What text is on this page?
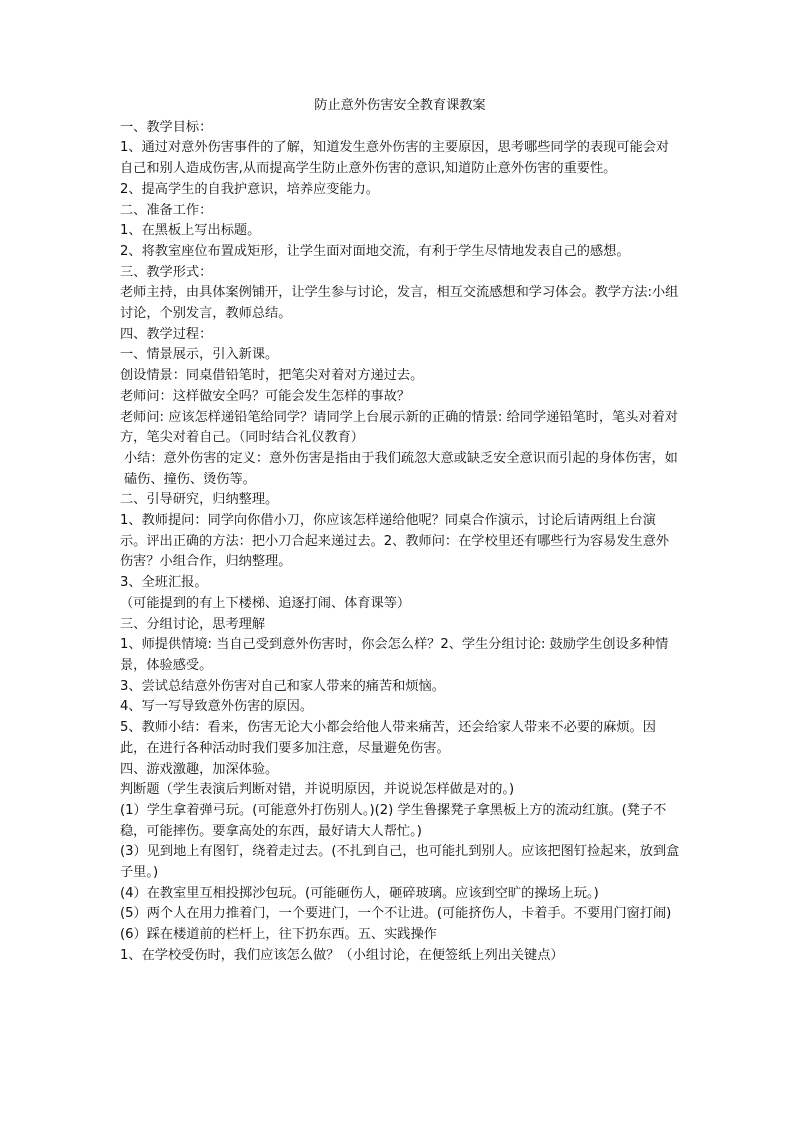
防止意外伤害安全教育课教案

一、教学目标：

1、通过对意外伤害事件的了解，知道发生意外伤害的主要原因，思考哪些同学的表现可能会对自己和别人造成伤害,从而提高学生防止意外伤害的意识,知道防止意外伤害的重要性。

2、提高学生的自我护意识，培养应变能力。

二、准备工作：

1、在黑板上写出标题。

2、将教室座位布置成矩形，让学生面对面地交流，有利于学生尽情地发表自己的感想。

三、教学形式：

老师主持，由具体案例铺开，让学生参与讨论，发言，相互交流感想和学习体会。教学方法:小组讨论，个别发言，教师总结。

四、教学过程：

一、情景展示，引入新课。

创设情景：同桌借铅笔时，把笔尖对着对方递过去。

老师问：这样做安全吗？可能会发生怎样的事故？

老师问: 应该怎样递铅笔给同学？请同学上台展示新的正确的情景: 给同学递铅笔时，笔头对着对

方，笔尖对着自己。（同时结合礼仪教育）

小结：意外伤害的定义：意外伤害是指由于我们疏忽大意或缺乏安全意识而引起的身体伤害，如磕伤、撞伤、烫伤等。

二、引导研究，归纳整理。

1、教师提问：同学向你借小刀，你应该怎样递给他呢？同桌合作演示，讨论后请两组上台演示。评出正确的方法：把小刀合起来递过去。2、教师问：在学校里还有哪些行为容易发生意外伤害？小组合作，归纳整理。

3、全班汇报。

（可能提到的有上下楼梯、追逐打闹、体育课等）

三、分组讨论，思考理解

1、师提供情境: 当自己受到意外伤害时，你会怎么样？2、学生分组讨论: 鼓励学生创设多种情景，体验感受。

3、尝试总结意外伤害对自己和家人带来的痛苦和烦恼。

4、写一写导致意外伤害的原因。

5、教师小结：看来，伤害无论大小都会给他人带来痛苦，还会给家人带来不必要的麻烦。因此，在进行各种活动时我们要多加注意，尽量避免伤害。

四、游戏激趣，加深体验。

判断题（学生表演后判断对错，并说明原因，并说说怎样做是对的。)

(1）学生拿着弹弓玩。(可能意外打伤别人。)(2) 学生鲁摞凳子拿黑板上方的流动红旗。(凳子不稳，可能摔伤。要拿高处的东西，最好请大人帮忙。)

(3）见到地上有图钉，绕着走过去。(不扎到自己，也可能扎到别人。应该把图钉捡起来，放到盒子里。)

(4）在教室里互相投掷沙包玩。(可能砸伤人，砸碎玻璃。应该到空旷的操场上玩。)

(5）两个人在用力推着门，一个要进门，一个不让进。(可能挤伤人，卡着手。不要用门窗打闹)

(6）踩在楼道前的栏杆上，往下扔东西。五、实践操作

1、在学校受伤时，我们应该怎么做？（小组讨论，在便签纸上列出关键点）
